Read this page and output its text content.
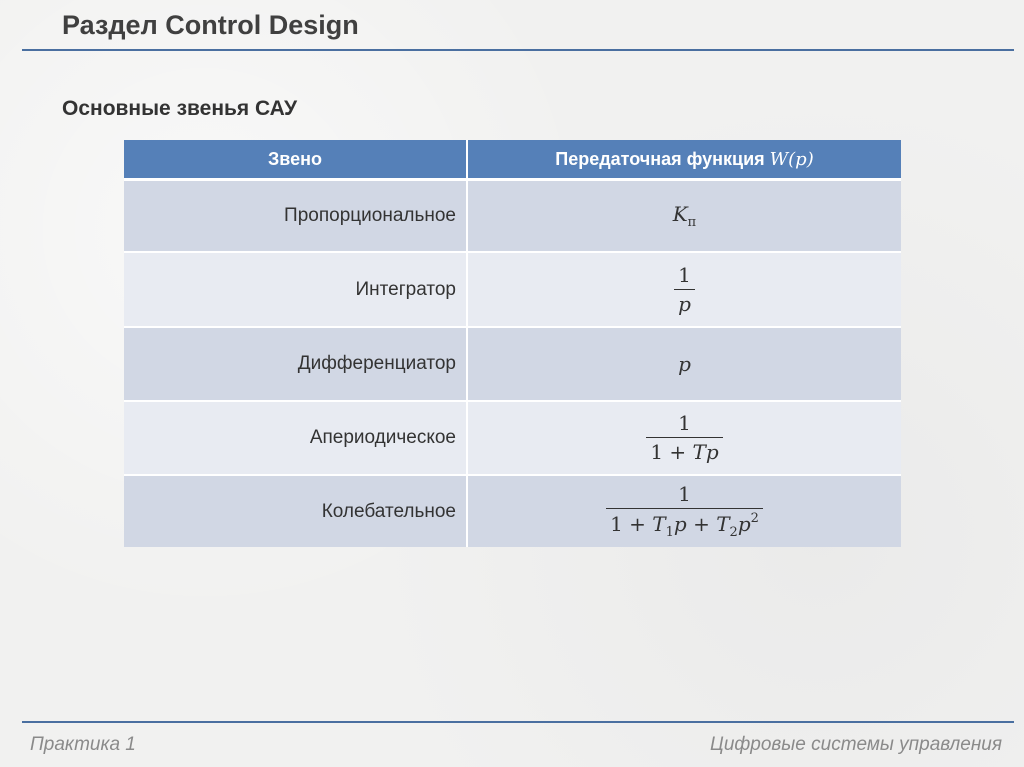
Раздел Control Design
Основные звенья САУ
Звено	Передаточная функция W(p)
Пропорциональное	$K_п$
Интегратор	$\frac{1}{p}$

Дифференциатор	p
Апериодическое	$\frac{1}{1 + Tp}$

Колебательное	$\frac{1}{1 + T_1p + T_2p^2}$
Практика 1	Цифровые системы управления
